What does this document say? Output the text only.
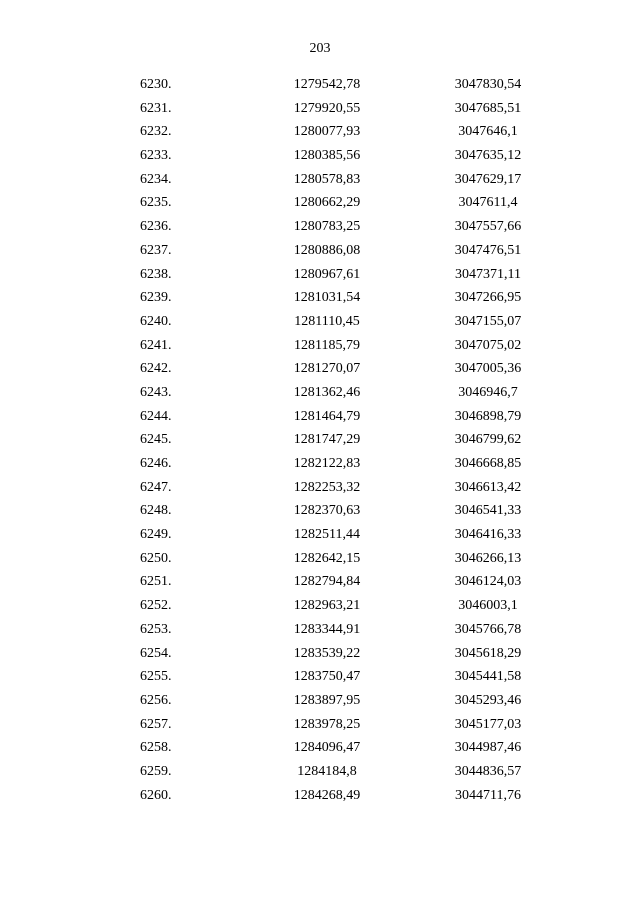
203
6230.	1279542,78	3047830,54
6231.	1279920,55	3047685,51
6232.	1280077,93	3047646,1
6233.	1280385,56	3047635,12
6234.	1280578,83	3047629,17
6235.	1280662,29	3047611,4
6236.	1280783,25	3047557,66
6237.	1280886,08	3047476,51
6238.	1280967,61	3047371,11
6239.	1281031,54	3047266,95
6240.	1281110,45	3047155,07
6241.	1281185,79	3047075,02
6242.	1281270,07	3047005,36
6243.	1281362,46	3046946,7
6244.	1281464,79	3046898,79
6245.	1281747,29	3046799,62
6246.	1282122,83	3046668,85
6247.	1282253,32	3046613,42
6248.	1282370,63	3046541,33
6249.	1282511,44	3046416,33
6250.	1282642,15	3046266,13
6251.	1282794,84	3046124,03
6252.	1282963,21	3046003,1
6253.	1283344,91	3045766,78
6254.	1283539,22	3045618,29
6255.	1283750,47	3045441,58
6256.	1283897,95	3045293,46
6257.	1283978,25	3045177,03
6258.	1284096,47	3044987,46
6259.	1284184,8	3044836,57
6260.	1284268,49	3044711,76
